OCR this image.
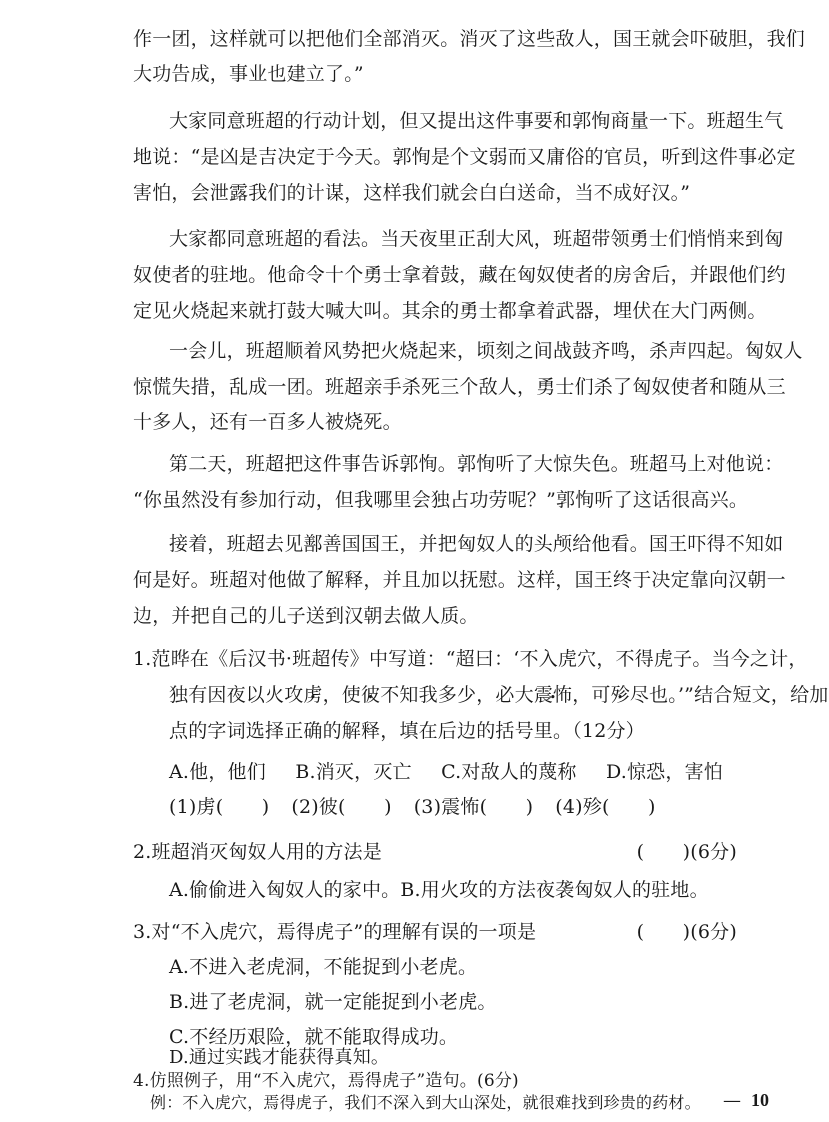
作一团，这样就可以把他们全部消灭。消灭了这些敌人，国王就会吓破胆，我们
大功告成，事业也建立了。”
大家同意班超的行动计划，但又提出这件事要和郭恂商量一下。班超生气
地说：“是凶是吉决定于今天。郭恂是个文弱而又庸俗的官员，听到这件事必定
害怕，会泄露我们的计谋，这样我们就会白白送命，当不成好汉。”
大家都同意班超的看法。当天夜里正刮大风，班超带领勇士们悄悄来到匈
奴使者的驻地。他命令十个勇士拿着鼓，藏在匈奴使者的房舍后，并跟他们约
定见火烧起来就打鼓大喊大叫。其余的勇士都拿着武器，埋伏在大门两侧。
一会儿，班超顺着风势把火烧起来，顷刻之间战鼓齐鸣，杀声四起。匈奴人
惊慌失措，乱成一团。班超亲手杀死三个敌人，勇士们杀了匈奴使者和随从三
十多人，还有一百多人被烧死。
第二天，班超把这件事告诉郭恂。郭恂听了大惊失色。班超马上对他说：
“你虽然没有参加行动，但我哪里会独占功劳呢？”郭恂听了这话很高兴。
接着，班超去见鄯善国国王，并把匈奴人的头颅给他看。国王吓得不知如
何是好。班超对他做了解释，并且加以抚慰。这样，国王终于决定靠向汉朝一
边，并把自己的儿子送到汉朝去做人质。
1.范晔在《后汉书·班超传》中写道：“超曰：‘不入虎穴，不得虎子。当今之计，
独有因夜以火攻虏 •，使彼 •不知我多少，必大震怖 •，可殄 •尽也。’”结合短文，给加
点的字词选择正确的解释，填在后边的括号里。（12分）
A.他，他们 B.消灭，灭亡 C.对敌人的蔑称 D.惊恐，害怕
(1)虏(　　) (2)彼(　　) (3)震怖(　　) (4)殄(　　)
2.班超消灭匈奴人用的方法是	(　　)(6分)
A.偷偷进入匈奴人的家中。 B.用火攻的方法夜袭匈奴人的驻地。
3.对“不入虎穴，焉得虎子”的理解有误的一项是	(　　)(6分)
A.不进入老虎洞，不能捉到小老虎。
B.进了老虎洞，就一定能捉到小老虎。
C.不经历艰险，就不能取得成功。
D.通过实践才能获得真知。
4.仿照例子，用“不入虎穴，焉得虎子”造句。(6分)
例：不入虎穴，焉得虎子，我们不深入到大山深处，就很难找到珍贵的药材。	— 10
